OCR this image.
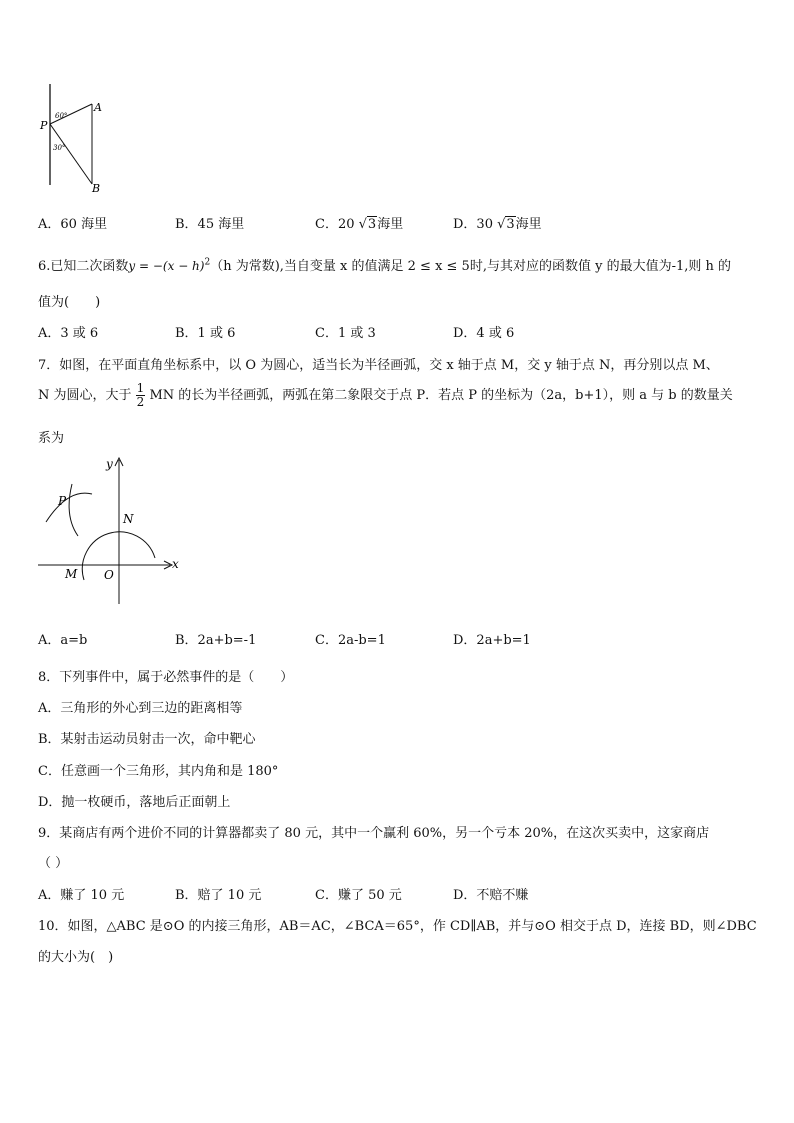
A
B
P
60°
30°
A．60 海里	B．45 海里	C．20 √3海里	D．30 √3海里
6.已知二次函数$y = -(x - h)^2(h$ 为常数),当自变量 x 的值满足 2 ≤ x ≤ 5时,与其对应的函数值 y 的最大值为-1,则 h 的
值为(　　)
A．3 或 6	B．1 或 6	C．1 或 3	D．4 或 6
7．如图，在平面直角坐标系中，以 O 为圆心，适当长为半径画弧，交 x 轴于点 M，交 y 轴于点 N，再分别以点 M、
N 为圆心，大于 $\frac{1}{2}$ MN 的长为半径画弧，两弧在第二象限交于点 P．若点 P 的坐标为（2a，b+1），则 a 与 b 的数量关
系为
y
x
P
N
M O
A．a=b	B．2a+b=-1	C．2a-b=1	D．2a+b=1
8．下列事件中，属于必然事件的是（　　）
A．三角形的外心到三边的距离相等
B．某射击运动员射击一次，命中靶心
C．任意画一个三角形，其内角和是 180°
D．抛一枚硬币，落地后正面朝上
9．某商店有两个进价不同的计算器都卖了 80 元，其中一个赢利 60%，另一个亏本 20%，在这次买卖中，这家商店
（ ）
A．赚了 10 元	B．赔了 10 元	C．赚了 50 元	D．不赔不赚
10．如图，△ABC 是⊙O 的内接三角形，AB＝AC，∠BCA＝65°，作 CD∥AB，并与⊙O 相交于点 D，连接 BD，则∠DBC
的大小为(　)
